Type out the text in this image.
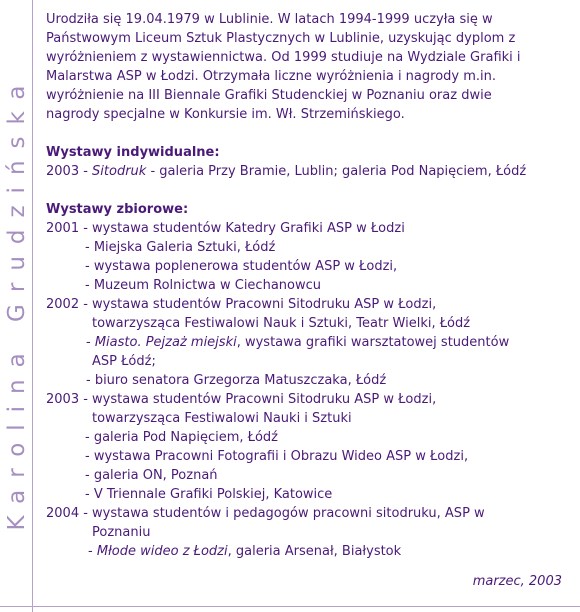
Karolina Grudzińska

Urodziła się 19.04.1979 w Lublinie. W latach 1994-1999 uczyła się w Państwowym Liceum Sztuk Plastycznych w Lublinie, uzyskując dyplom z wyróżnieniem z wystawiennictwa. Od 1999 studiuje na Wydziale Grafiki i Malarstwa ASP w Łodzi. Otrzymała liczne wyróżnienia i nagrody m.in. wyróżnienie na III Biennale Grafiki Studenckiej w Poznaniu oraz dwie nagrody specjalne w Konkursie im. Wł. Strzemińskiego.

Wystawy indywidualne:
2003 - Sitodruk - galeria Przy Bramie, Lublin; galeria Pod Napięciem, Łódź
Wystawy zbiorowe:
2001 - wystawa studentów Katedry Grafiki ASP w Łodzi
- Miejska Galeria Sztuki, Łódź
- wystawa poplenerowa studentów ASP w Łodzi,
- Muzeum Rolnictwa w Ciechanowcu
2002 - wystawa studentów Pracowni Sitodruku ASP w Łodzi,
towarzysząca Festiwalowi Nauk i Sztuki, Teatr Wielki, Łódź
- Miasto. Pejzaż miejski, wystawa grafiki warsztatowej studentów
ASP Łódź;
- biuro senatora Grzegorza Matuszczaka, Łódź
2003 - wystawa studentów Pracowni Sitodruku ASP w Łodzi,
towarzysząca Festiwalowi Nauki i Sztuki
- galeria Pod Napięciem, Łódź
- wystawa Pracowni Fotografii i Obrazu Wideo ASP w Łodzi,
- galeria ON, Poznań
- V Triennale Grafiki Polskiej, Katowice
2004 - wystawa studentów i pedagogów pracowni sitodruku, ASP w
Poznaniu
- Młode wideo z Łodzi, galeria Arsenał, Białystok
marzec, 2003
